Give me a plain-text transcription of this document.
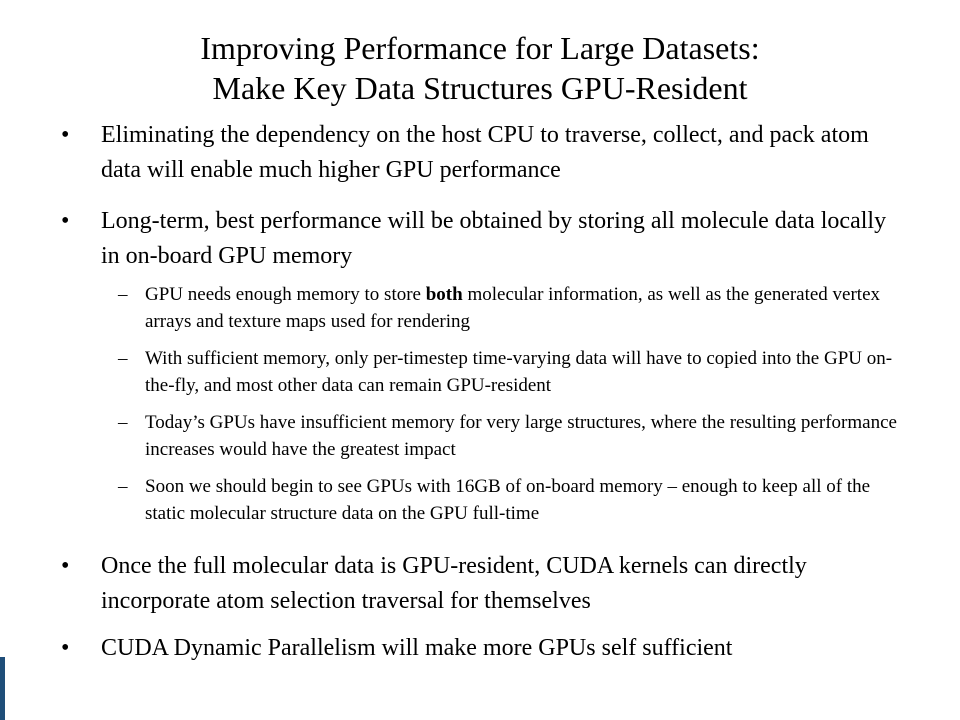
Improving Performance for Large Datasets:
Make Key Data Structures GPU-Resident
• Eliminating the dependency on the host CPU to traverse, collect, and pack atom data will enable much higher GPU performance
• Long-term, best performance will be obtained by storing all molecule data locally in on-board GPU memory
– GPU needs enough memory to store both molecular information, as well as the generated vertex arrays and texture maps used for rendering
– With sufficient memory, only per-timestep time-varying data will have to copied into the GPU on-the-fly, and most other data can remain GPU-resident
– Today’s GPUs have insufficient memory for very large structures, where the resulting performance increases would have the greatest impact
– Soon we should begin to see GPUs with 16GB of on-board memory – enough to keep all of the static molecular structure data on the GPU full-time
• Once the full molecular data is GPU-resident, CUDA kernels can directly incorporate atom selection traversal for themselves
• CUDA Dynamic Parallelism will make more GPUs self sufficient
